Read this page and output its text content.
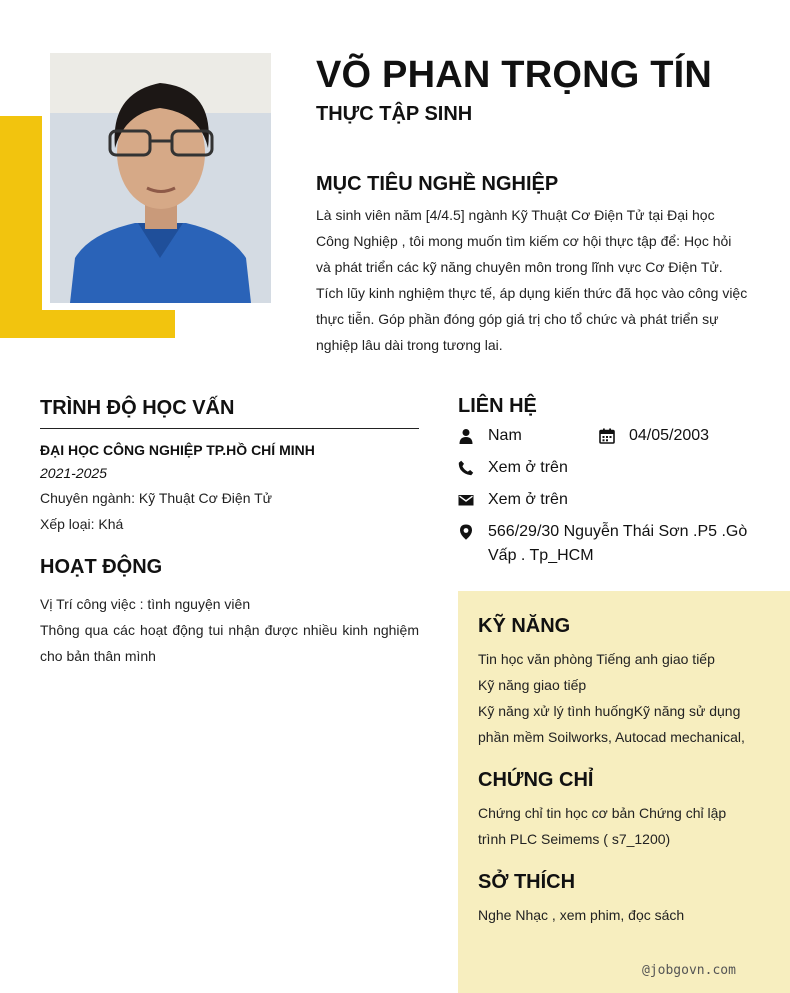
VÕ PHAN TRỌNG TÍN
THỰC TẬP SINH
MỤC TIÊU NGHỀ NGHIỆP

Là sinh viên năm [4/4.5] ngành Kỹ Thuật Cơ Điện Tử tại Đại học Công Nghiệp , tôi mong muốn tìm kiếm cơ hội thực tập để: Học hỏi và phát triển các kỹ năng chuyên môn trong lĩnh vực Cơ Điện Tử. Tích lũy kinh nghiệm thực tế, áp dụng kiến thức đã học vào công việc thực tiễn. Góp phần đóng góp giá trị cho tổ chức và phát triển sự nghiệp lâu dài trong tương lai.

TRÌNH ĐỘ HỌC VẤN

ĐẠI HỌC CÔNG NGHIỆP TP.HỒ CHÍ MINH

2021-2025

Chuyên ngành: Kỹ Thuật Cơ Điện Tử

Xếp loại: Khá

HOẠT ĐỘNG
Vị Trí công việc : tình nguyện viên
Thông qua các hoạt động tui nhận được nhiều kinh nghiệm cho bản thân mình
LIÊN HỆ
Nam	04/05/2003
Xem ở trên
Xem ở trên
566/29/30 Nguyễn Thái Sơn .P5 .Gò Vấp . Tp_HCM
KỸ NĂNG

Tin học văn phòng Tiếng anh giao tiếp
Kỹ năng giao tiếp
Kỹ năng xử lý tình huốngKỹ năng sử dụng phần mềm Soilworks, Autocad mechanical,

CHỨNG CHỈ

Chứng chỉ tin học cơ bản Chứng chỉ lập trình PLC Seimems ( s7_1200)

SỞ THÍCH

Nghe Nhạc , xem phim, đọc sách

@jobgovn.com
